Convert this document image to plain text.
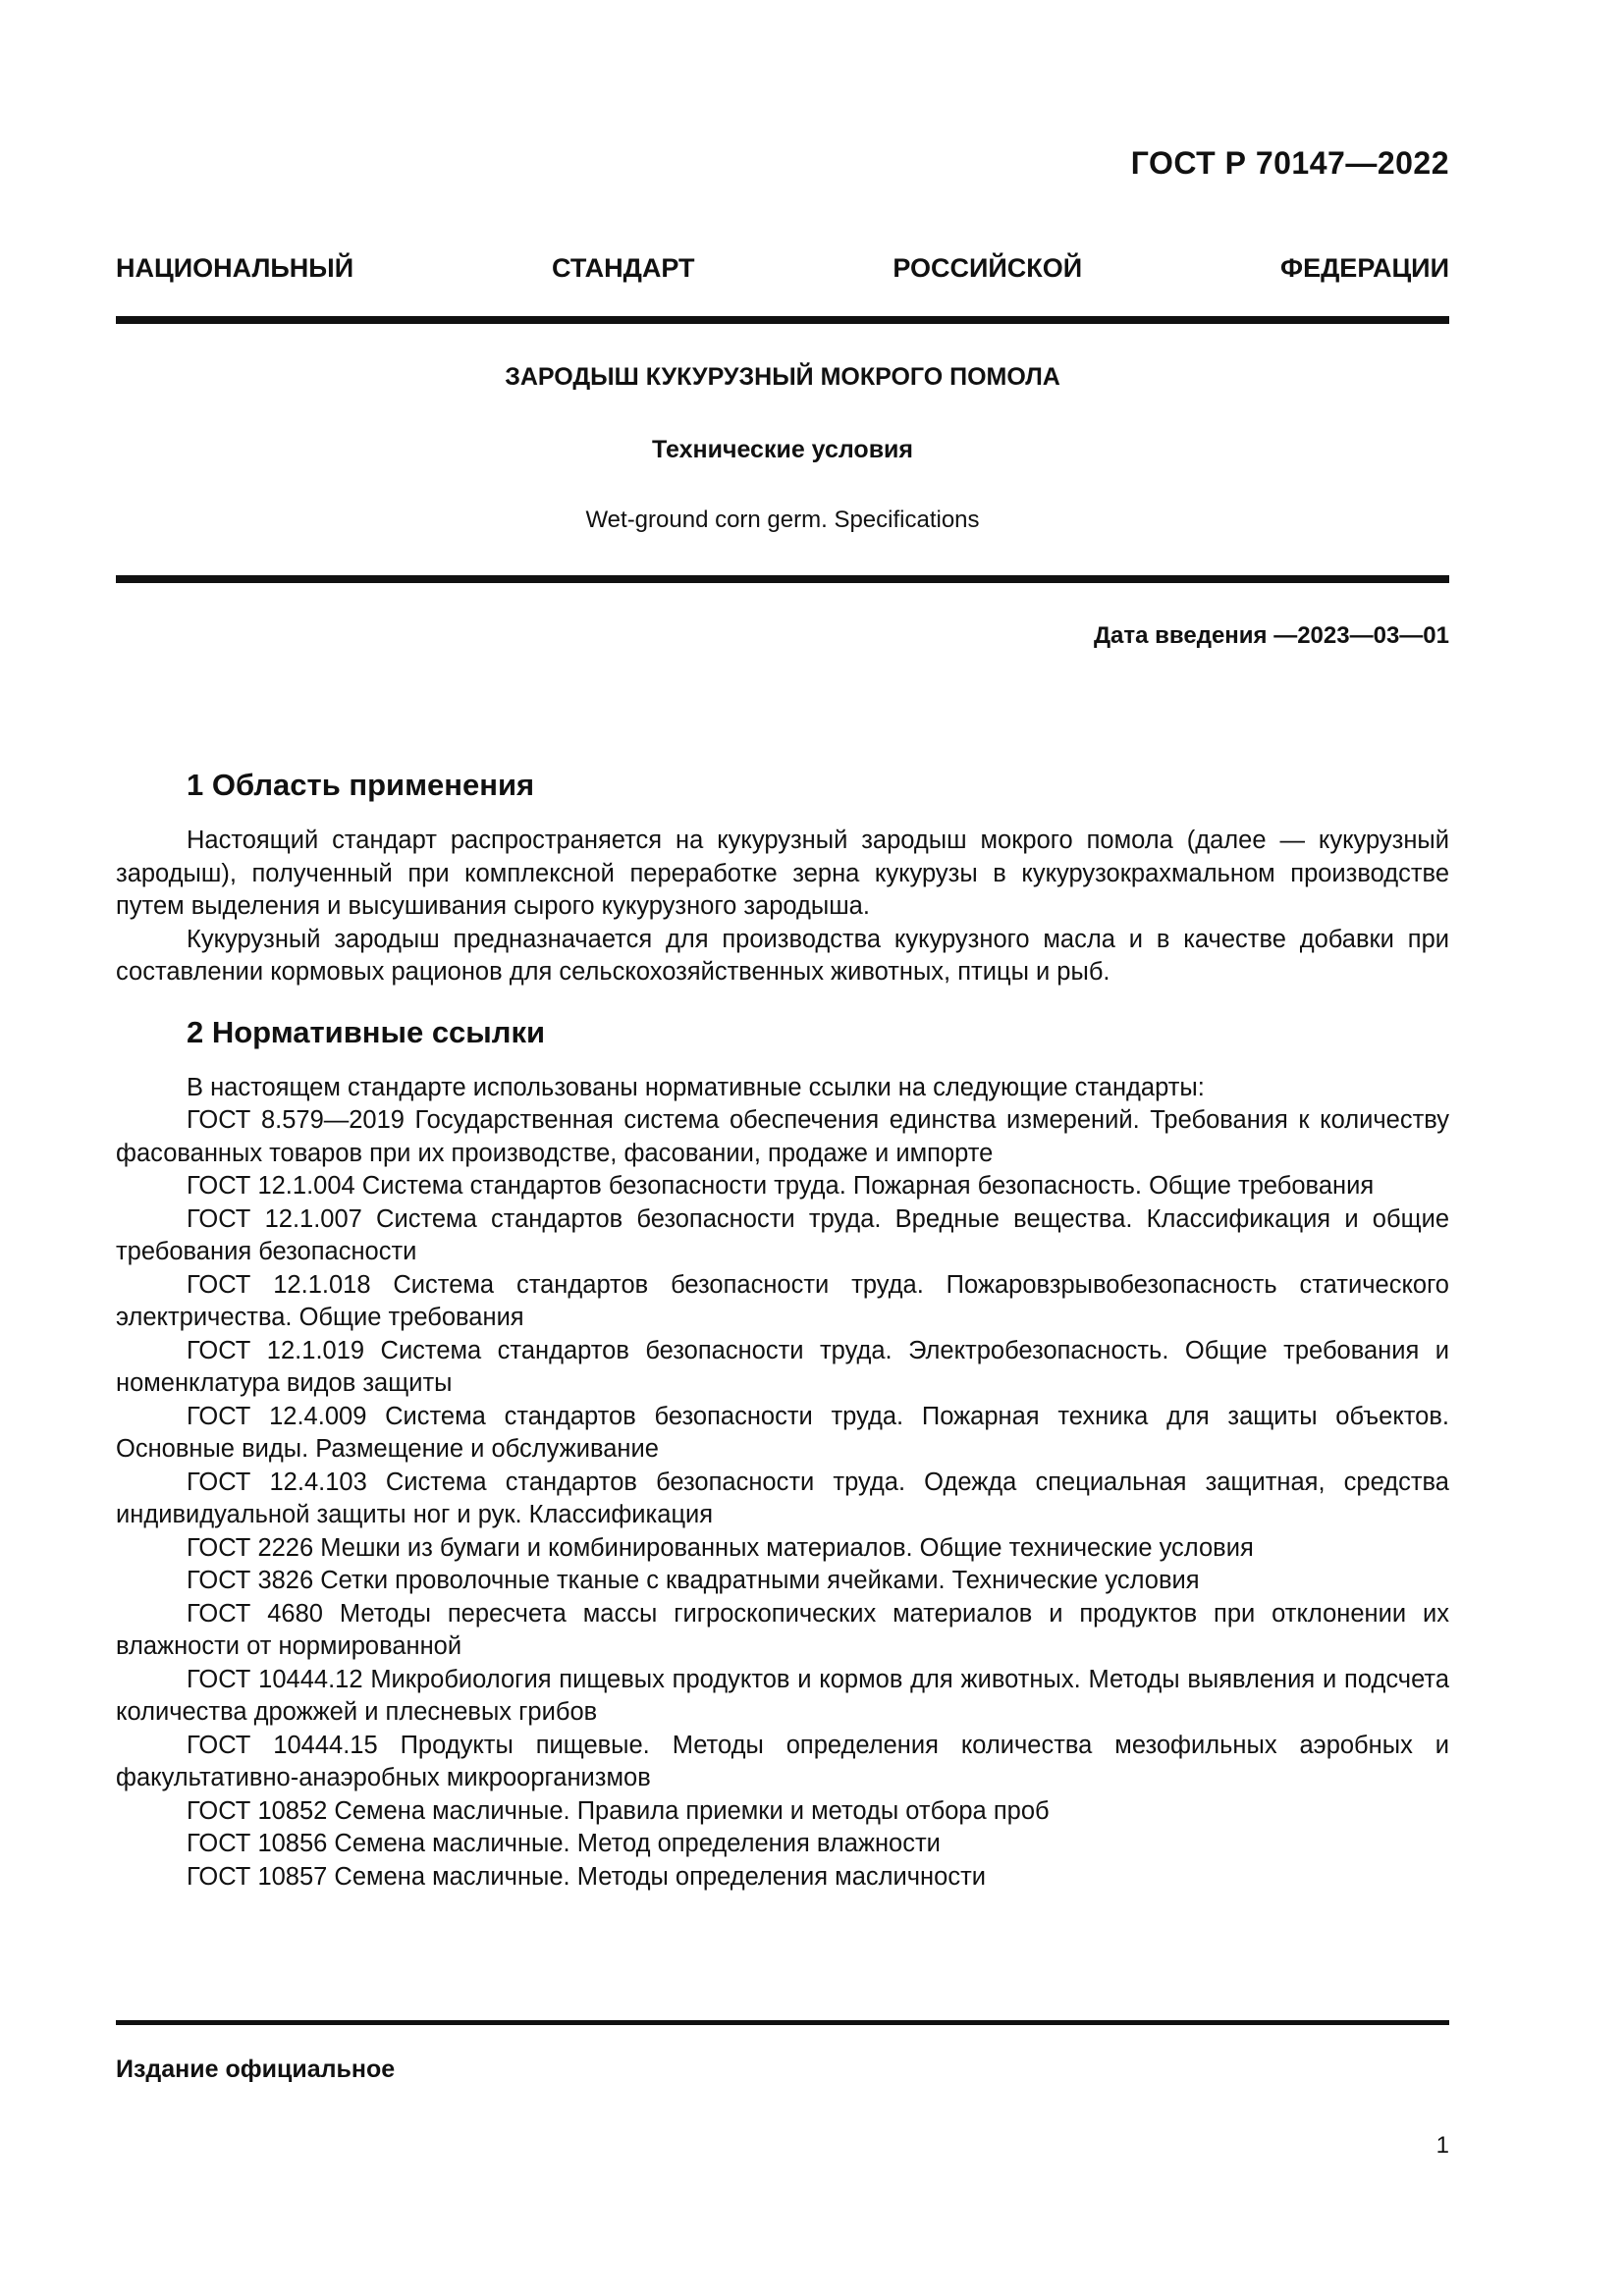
ГОСТ Р 70147—2022
НАЦИОНАЛЬНЫЙ СТАНДАРТ РОССИЙСКОЙ ФЕДЕРАЦИИ
ЗАРОДЫШ КУКУРУЗНЫЙ МОКРОГО ПОМОЛА
Технические условия
Wet-ground corn germ. Specifications
Дата введения —2023—03—01
1 Область применения

Настоящий стандарт распространяется на кукурузный зародыш мокрого помола (далее — кукурузный зародыш), полученный при комплексной переработке зерна кукурузы в кукурузокрахмальном производстве путем выделения и высушивания сырого кукурузного зародыша.

Кукурузный зародыш предназначается для производства кукурузного масла и в качестве добавки при составлении кормовых рационов для сельскохозяйственных животных, птицы и рыб.

2 Нормативные ссылки

В настоящем стандарте использованы нормативные ссылки на следующие стандарты:

ГОСТ 8.579—2019 Государственная система обеспечения единства измерений. Требования к количеству фасованных товаров при их производстве, фасовании, продаже и импорте

ГОСТ 12.1.004 Система стандартов безопасности труда. Пожарная безопасность. Общие требования

ГОСТ 12.1.007 Система стандартов безопасности труда. Вредные вещества. Классификация и общие требования безопасности

ГОСТ 12.1.018 Система стандартов безопасности труда. Пожаровзрывобезопасность статического электричества. Общие требования

ГОСТ 12.1.019 Система стандартов безопасности труда. Электробезопасность. Общие требования и номенклатура видов защиты

ГОСТ 12.4.009 Система стандартов безопасности труда. Пожарная техника для защиты объектов. Основные виды. Размещение и обслуживание

ГОСТ 12.4.103 Система стандартов безопасности труда. Одежда специальная защитная, средства индивидуальной защиты ног и рук. Классификация

ГОСТ 2226 Мешки из бумаги и комбинированных материалов. Общие технические условия

ГОСТ 3826 Сетки проволочные тканые с квадратными ячейками. Технические условия

ГОСТ 4680 Методы пересчета массы гигроскопических материалов и продуктов при отклонении их влажности от нормированной

ГОСТ 10444.12 Микробиология пищевых продуктов и кормов для животных. Методы выявления и подсчета количества дрожжей и плесневых грибов

ГОСТ 10444.15 Продукты пищевые. Методы определения количества мезофильных аэробных и факультативно-анаэробных микроорганизмов

ГОСТ 10852 Семена масличные. Правила приемки и методы отбора проб

ГОСТ 10856 Семена масличные. Метод определения влажности

ГОСТ 10857 Семена масличные. Методы определения масличности

Издание официальное
1
